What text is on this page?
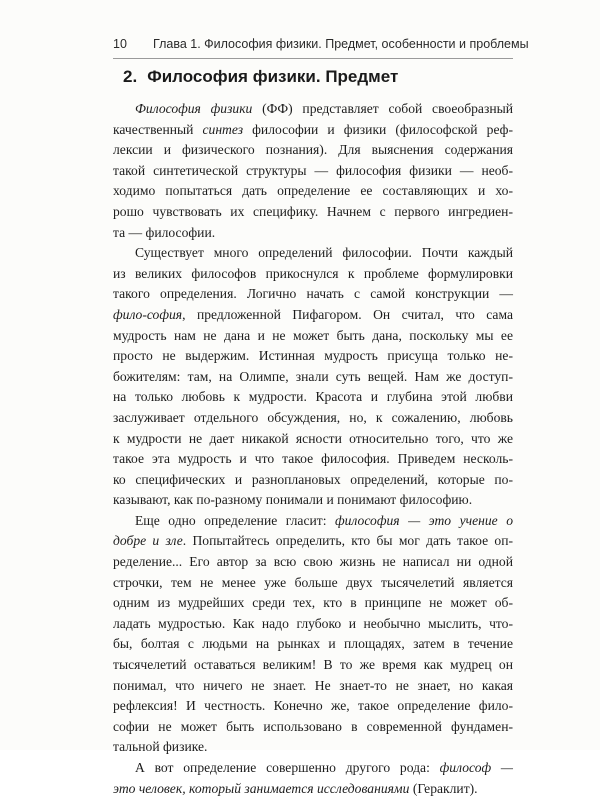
10 Глава 1. Философия физики. Предмет, особенности и проблемы
2. Философия физики. Предмет
Философия физики (ФФ) представляет собой своеобразный
качественный синтез философии и физики (философской реф-
лексии и физического познания). Для выяснения содержания
такой синтетической структуры — философия физики — необ-
ходимо попытаться дать определение ее составляющих и хо-
рошо чувствовать их специфику. Начнем с первого ингредиен-
та — философии.
Существует много определений философии. Почти каждый
из великих философов прикоснулся к проблеме формулировки
такого определения. Логично начать с самой конструкции —
фило-софия, предложенной Пифагором. Он считал, что сама
мудрость нам не дана и не может быть дана, поскольку мы ее
просто не выдержим. Истинная мудрость присуща только не-
божителям: там, на Олимпе, знали суть вещей. Нам же доступ-
на только любовь к мудрости. Красота и глубина этой любви
заслуживает отдельного обсуждения, но, к сожалению, любовь
к мудрости не дает никакой ясности относительно того, что же
такое эта мудрость и что такое философия. Приведем несколь-
ко специфических и разноплановых определений, которые по-
казывают, как по-разному понимали и понимают философию.
Еще одно определение гласит: философия — это учение о
добре и зле. Попытайтесь определить, кто бы мог дать такое оп-
ределение... Его автор за всю свою жизнь не написал ни одной
строчки, тем не менее уже больше двух тысячелетий является
одним из мудрейших среди тех, кто в принципе не может об-
ладать мудростью. Как надо глубоко и необычно мыслить, что-
бы, болтая с людьми на рынках и площадях, затем в течение
тысячелетий оставаться великим! В то же время как мудрец он
понимал, что ничего не знает. Не знает-то не знает, но какая
рефлексия! И честность. Конечно же, такое определение фило-
софии не может быть использовано в современной фундамен-
тальной физике.
А вот определение совершенно другого рода: философ —
это человек, который занимается исследованиями (Гераклит).
